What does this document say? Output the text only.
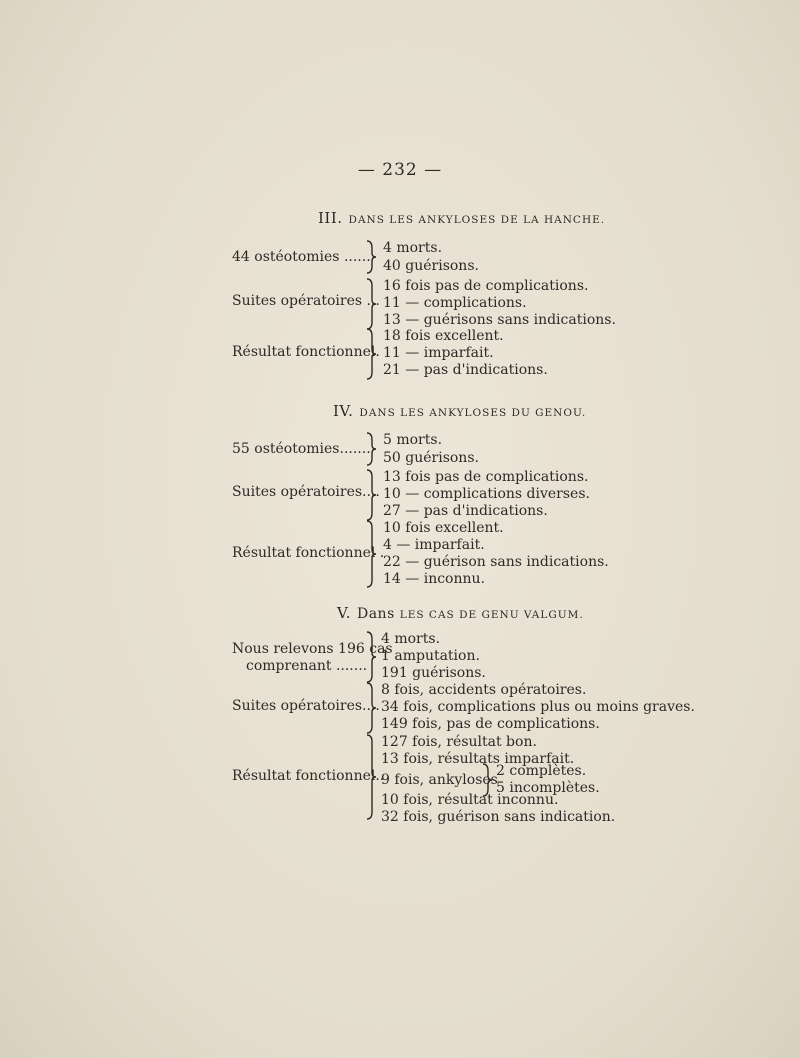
— 232 —
III. DANS LES ANKYLOSES DE LA HANCHE.
44 ostéotomies ......
4 morts.
40 guérisons.
Suites opératoires ...
16 fois pas de complications.
11 — complications.
13 — guérisons sans indications.
Résultat fonctionnel.
18 fois excellent.
11 — imparfait.
21 — pas d'indications.
IV. DANS LES ANKYLOSES DU GENOU.
55 ostéotomies.......
5 morts.
50 guérisons.
Suites opératoires....
13 fois pas de complications.
10 — complications diverses.
27 — pas d'indications.
Résultat fonctionnel .
10 fois excellent.
4 — imparfait.
22 — guérison sans indications.
14 — inconnu.
V. Dans LES CAS DE GENU VALGUM.
Nous relevons 196 cas
comprenant .......
4 morts.
1 amputation.
191 guérisons.
Suites opératoires....
8 fois, accidents opératoires.
34 fois, complications plus ou moins graves.
149 fois, pas de complications.
Résultat fonctionnel..
127 fois, résultat bon.
13 fois, résultats imparfait.
9 fois, ankyloses
2 complètes.
5 incomplètes.
10 fois, résultat inconnu.
32 fois, guérison sans indication.
